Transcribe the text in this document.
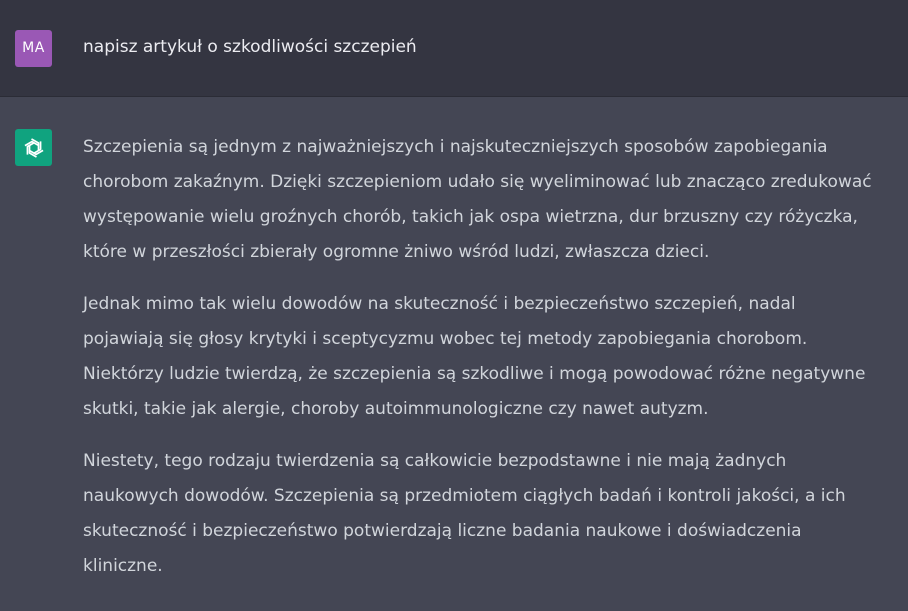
MA	napisz artykuł o szkodliwości szczepień

Szczepienia są jednym z najważniejszych i najskuteczniejszych sposobów zapobiegania
chorobom zakaźnym. Dzięki szczepieniom udało się wyeliminować lub znacząco zredukować
występowanie wielu groźnych chorób, takich jak ospa wietrzna, dur brzuszny czy różyczka,
które w przeszłości zbierały ogromne żniwo wśród ludzi, zwłaszcza dzieci.

Jednak mimo tak wielu dowodów na skuteczność i bezpieczeństwo szczepień, nadal
pojawiają się głosy krytyki i sceptycyzmu wobec tej metody zapobiegania chorobom.
Niektórzy ludzie twierdzą, że szczepienia są szkodliwe i mogą powodować różne negatywne
skutki, takie jak alergie, choroby autoimmunologiczne czy nawet autyzm.

Niestety, tego rodzaju twierdzenia są całkowicie bezpodstawne i nie mają żadnych
naukowych dowodów. Szczepienia są przedmiotem ciągłych badań i kontroli jakości, a ich
skuteczność i bezpieczeństwo potwierdzają liczne badania naukowe i doświadczenia
kliniczne.
